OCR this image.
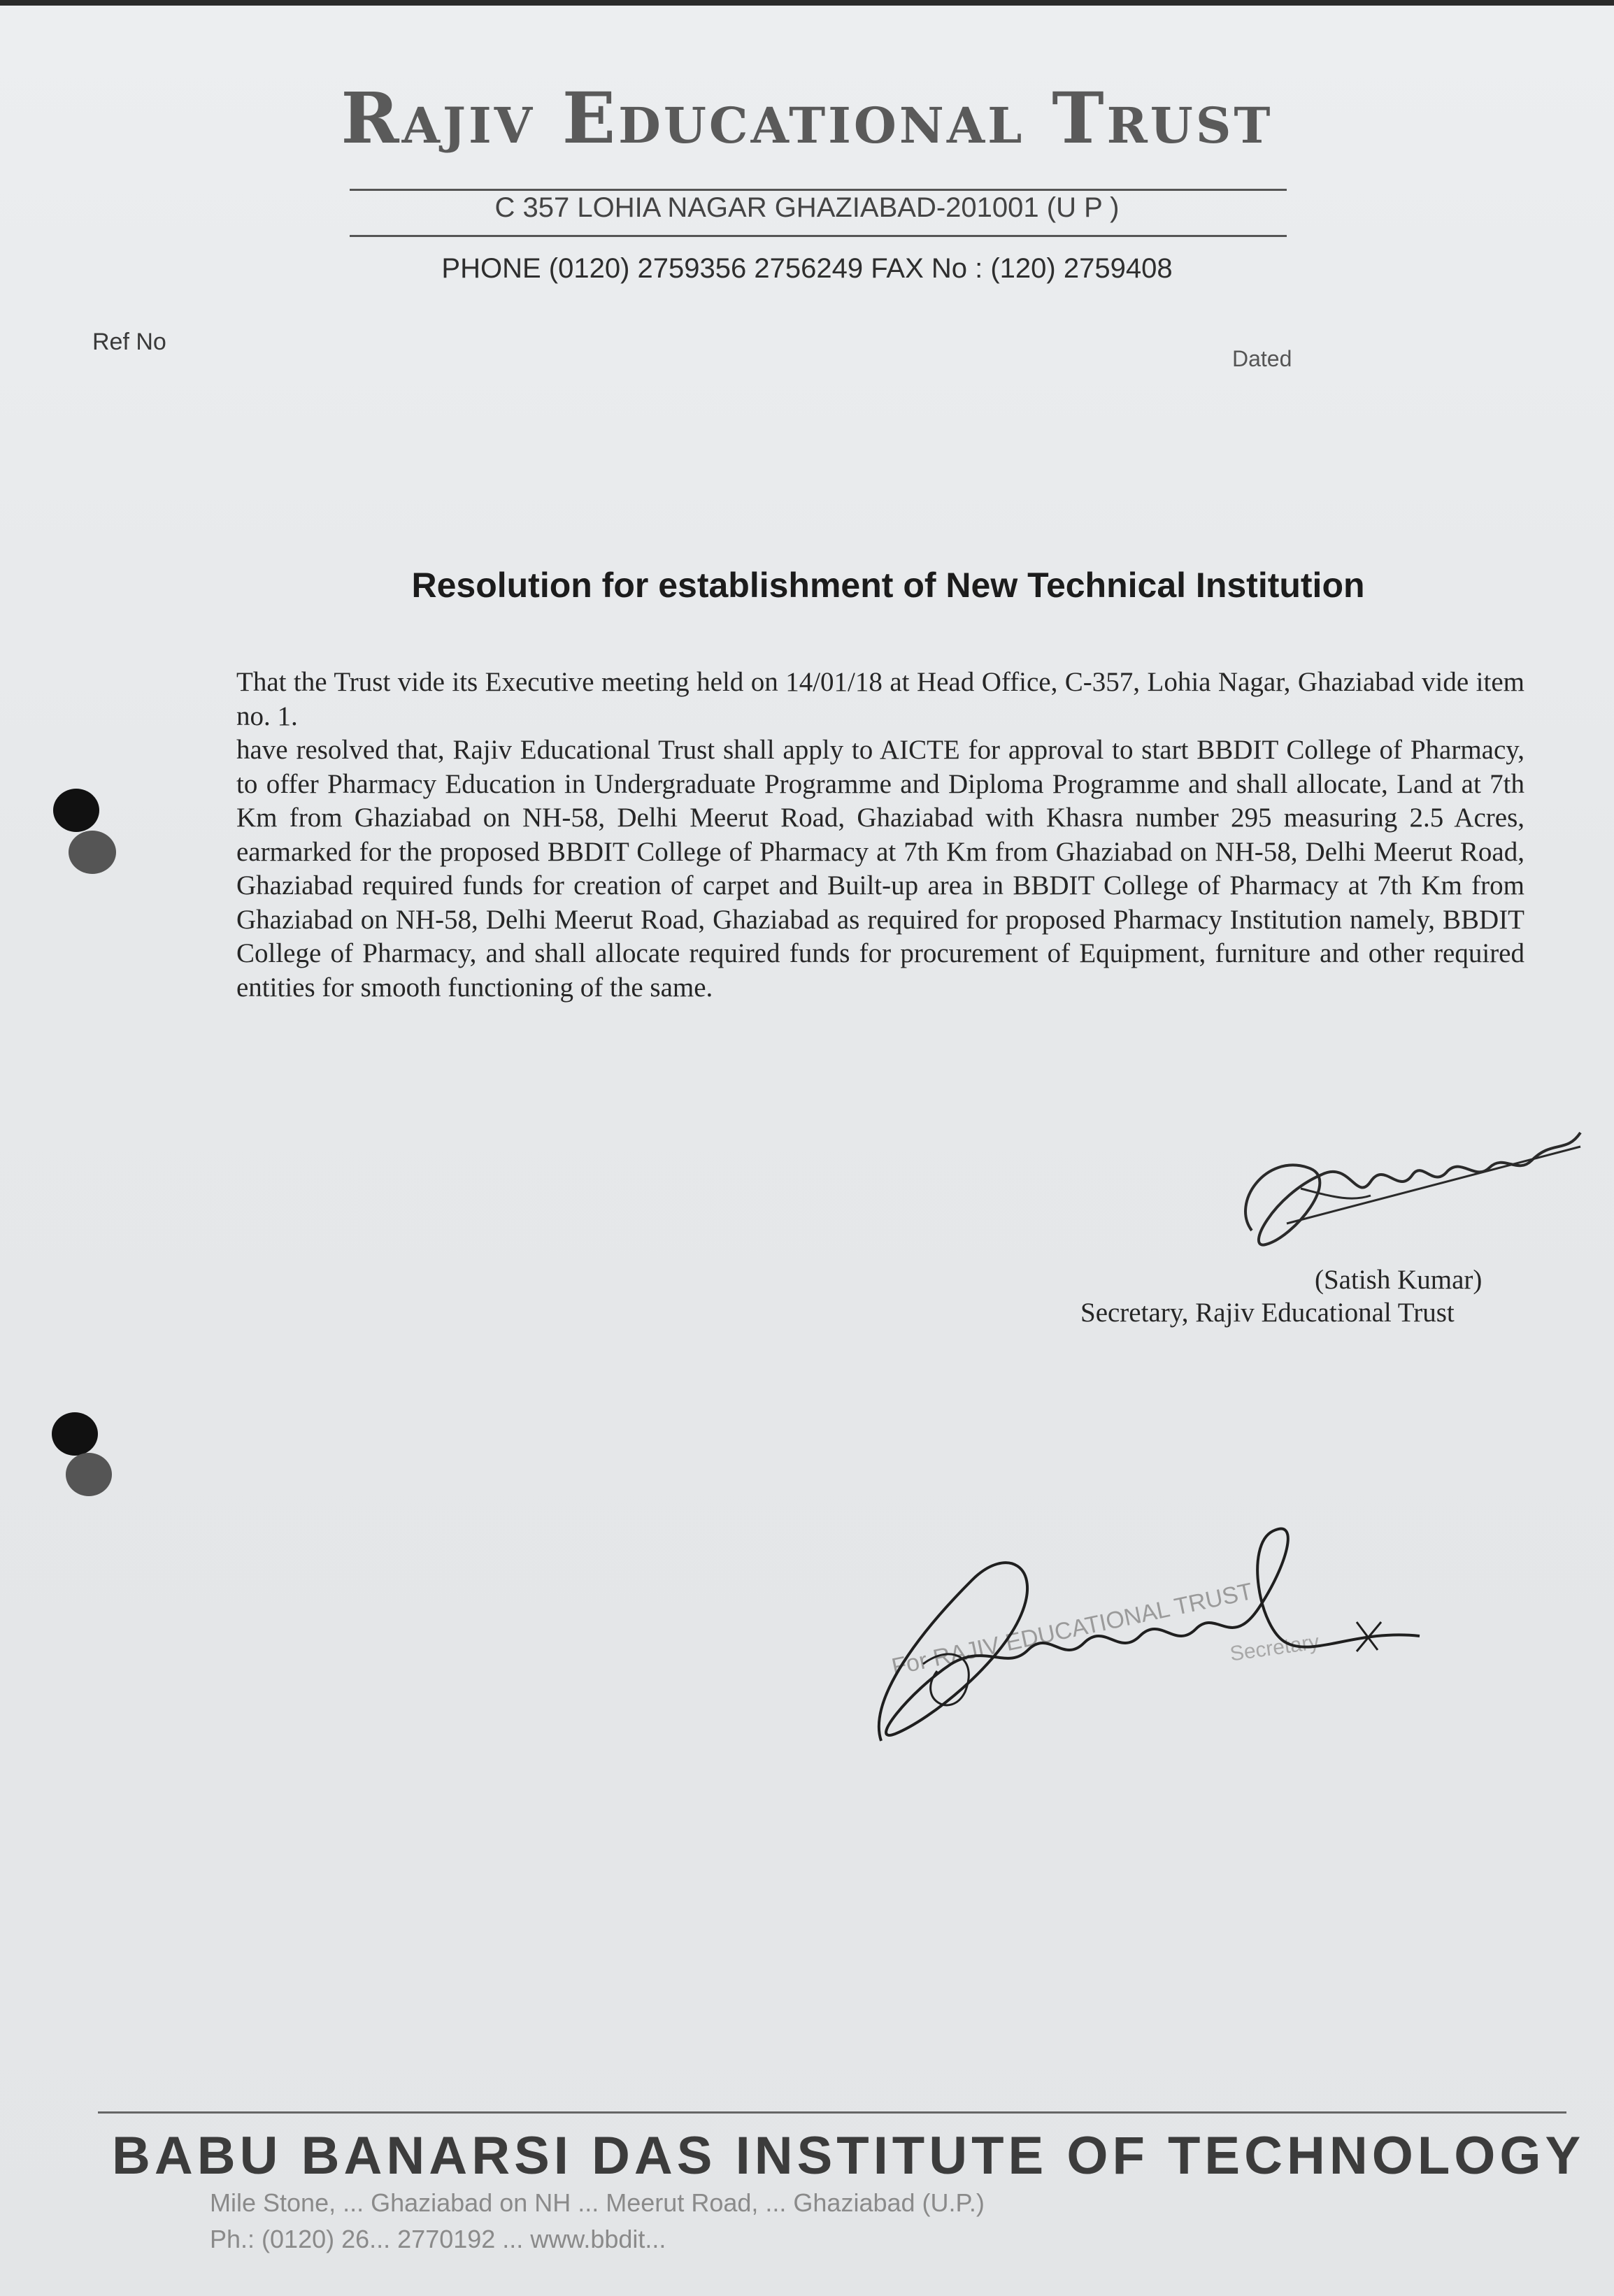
Rajiv Educational Trust
C 357 LOHIA NAGAR GHAZIABAD-201001 (U P )
PHONE (0120) 2759356 2756249 FAX No : (120) 2759408
Ref No
Dated
Resolution for establishment of New Technical Institution

That the Trust vide its Executive meeting held on 14/01/18 at Head Office, C-357, Lohia Nagar, Ghaziabad vide item no. 1.

have resolved that, Rajiv Educational Trust shall apply to AICTE for approval to start BBDIT College of Pharmacy, to offer Pharmacy Education in Undergraduate Programme and Diploma Programme and shall allocate, Land at 7th Km from Ghaziabad on NH-58, Delhi Meerut Road, Ghaziabad with Khasra number 295 measuring 2.5 Acres, earmarked for the proposed BBDIT College of Pharmacy at 7th Km from Ghaziabad on NH-58, Delhi Meerut Road, Ghaziabad required funds for creation of carpet and Built-up area in BBDIT College of Pharmacy at 7th Km from Ghaziabad on NH-58, Delhi Meerut Road, Ghaziabad as required for proposed Pharmacy Institution namely, BBDIT College of Pharmacy, and shall allocate required funds for procurement of Equipment, furniture and other required entities for smooth functioning of the same.

(Satish Kumar)
Secretary, Rajiv Educational Trust
For RAJIV EDUCATIONAL TRUST
Secretary
BABU BANARSI DAS INSTITUTE OF TECHNOLOGY
Mile Stone, ... Ghaziabad on NH ... Meerut Road, ... Ghaziabad (U.P.)
Ph.: (0120) 26... 2770192 ... www.bbdit...
